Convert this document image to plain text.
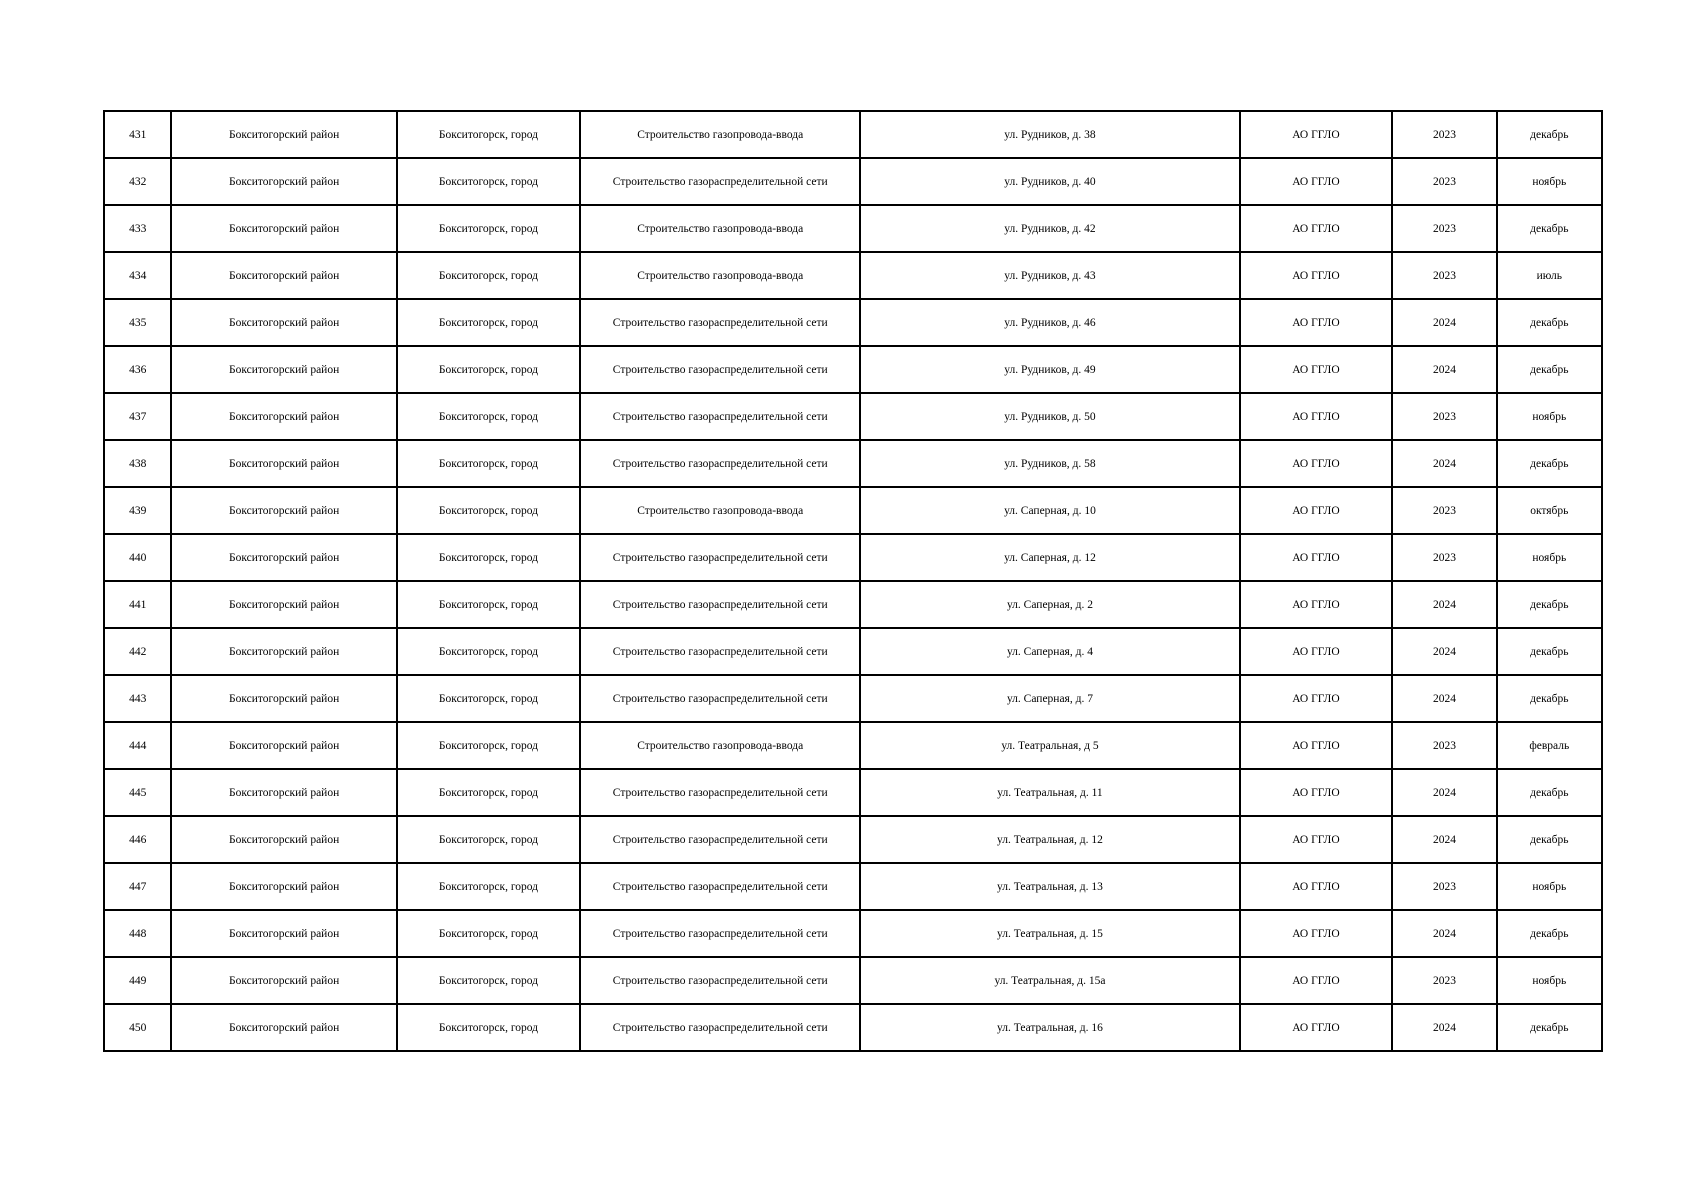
431	Бокситогорский район	Бокситогорск, город	Строительство газопровода-ввода	ул. Рудников, д. 38	АО ГГЛО	2023	декабрь
432	Бокситогорский район	Бокситогорск, город	Строительство газораспределительной сети	ул. Рудников, д. 40	АО ГГЛО	2023	ноябрь
433	Бокситогорский район	Бокситогорск, город	Строительство газопровода-ввода	ул. Рудников, д. 42	АО ГГЛО	2023	декабрь
434	Бокситогорский район	Бокситогорск, город	Строительство газопровода-ввода	ул. Рудников, д. 43	АО ГГЛО	2023	июль
435	Бокситогорский район	Бокситогорск, город	Строительство газораспределительной сети	ул. Рудников, д. 46	АО ГГЛО	2024	декабрь
436	Бокситогорский район	Бокситогорск, город	Строительство газораспределительной сети	ул. Рудников, д. 49	АО ГГЛО	2024	декабрь
437	Бокситогорский район	Бокситогорск, город	Строительство газораспределительной сети	ул. Рудников, д. 50	АО ГГЛО	2023	ноябрь
438	Бокситогорский район	Бокситогорск, город	Строительство газораспределительной сети	ул. Рудников, д. 58	АО ГГЛО	2024	декабрь
439	Бокситогорский район	Бокситогорск, город	Строительство газопровода-ввода	ул. Саперная, д. 10	АО ГГЛО	2023	октябрь
440	Бокситогорский район	Бокситогорск, город	Строительство газораспределительной сети	ул. Саперная, д. 12	АО ГГЛО	2023	ноябрь
441	Бокситогорский район	Бокситогорск, город	Строительство газораспределительной сети	ул. Саперная, д. 2	АО ГГЛО	2024	декабрь
442	Бокситогорский район	Бокситогорск, город	Строительство газораспределительной сети	ул. Саперная, д. 4	АО ГГЛО	2024	декабрь
443	Бокситогорский район	Бокситогорск, город	Строительство газораспределительной сети	ул. Саперная, д. 7	АО ГГЛО	2024	декабрь
444	Бокситогорский район	Бокситогорск, город	Строительство газопровода-ввода	ул. Театральная, д 5	АО ГГЛО	2023	февраль
445	Бокситогорский район	Бокситогорск, город	Строительство газораспределительной сети	ул. Театральная, д. 11	АО ГГЛО	2024	декабрь
446	Бокситогорский район	Бокситогорск, город	Строительство газораспределительной сети	ул. Театральная, д. 12	АО ГГЛО	2024	декабрь
447	Бокситогорский район	Бокситогорск, город	Строительство газораспределительной сети	ул. Театральная, д. 13	АО ГГЛО	2023	ноябрь
448	Бокситогорский район	Бокситогорск, город	Строительство газораспределительной сети	ул. Театральная, д. 15	АО ГГЛО	2024	декабрь
449	Бокситогорский район	Бокситогорск, город	Строительство газораспределительной сети	ул. Театральная, д. 15а	АО ГГЛО	2023	ноябрь
450	Бокситогорский район	Бокситогорск, город	Строительство газораспределительной сети	ул. Театральная, д. 16	АО ГГЛО	2024	декабрь
